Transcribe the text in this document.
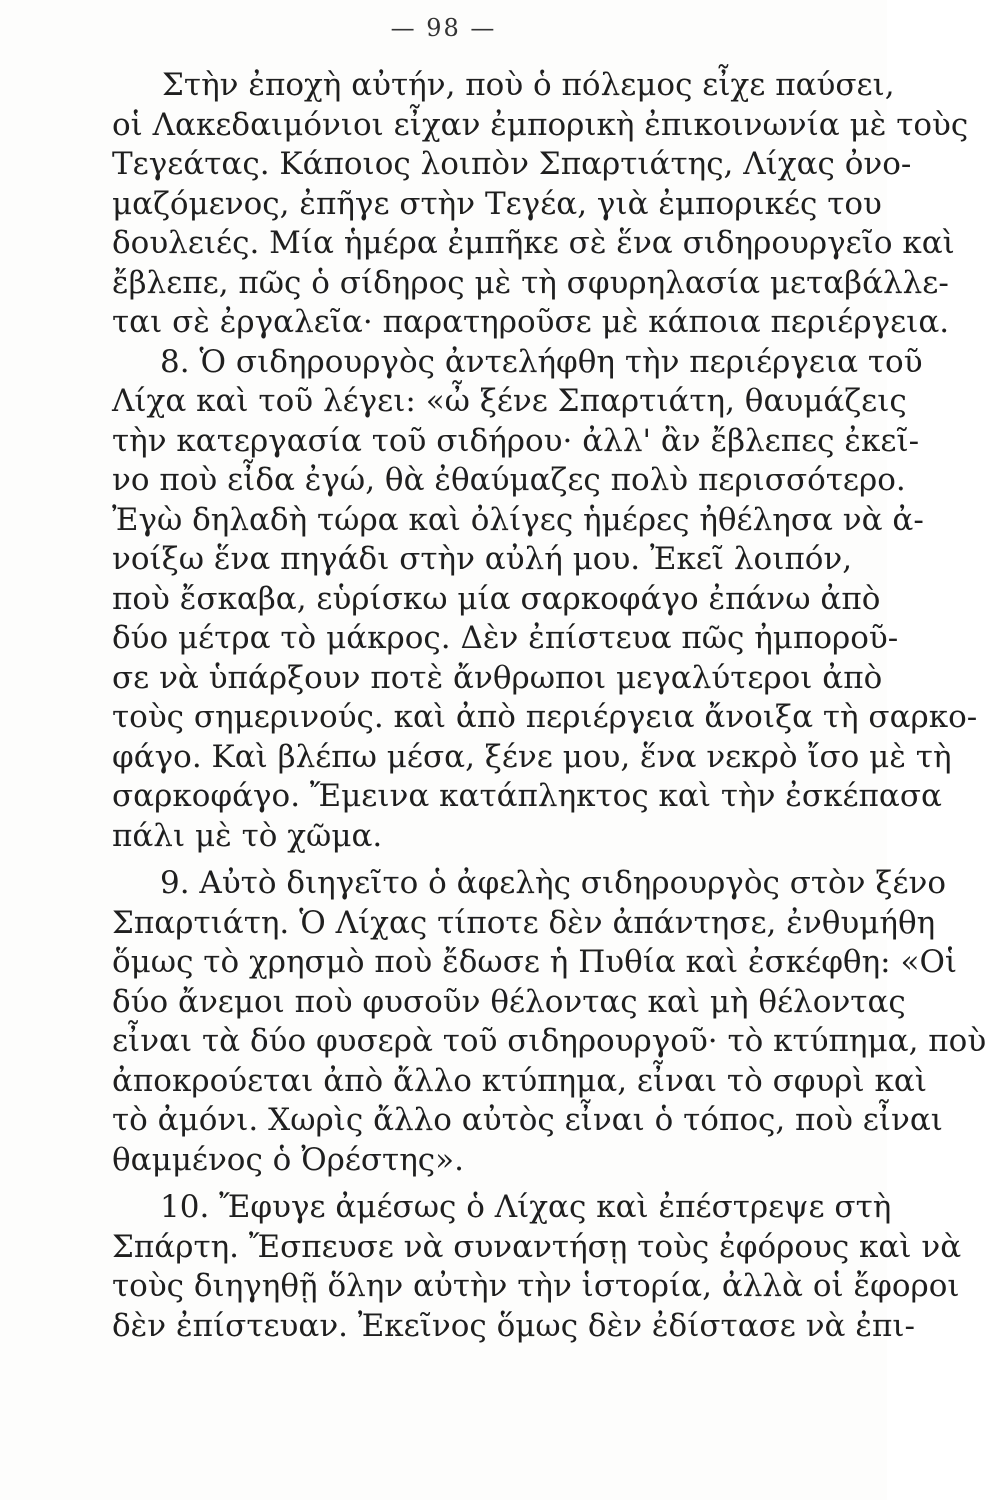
— 98 —
Στὴν ἐποχὴ αὐτήν, ποὺ ὁ πόλεμος εἶχε παύσει,
οἱ Λακεδαιμόνιοι εἶχαν ἐμπορικὴ ἐπικοινωνία μὲ τοὺς
Τεγεάτας. Κάποιος λοιπὸν Σπαρτιάτης, Λίχας ὀνο-
μαζόμενος, ἐπῆγε στὴν Τεγέα, γιὰ ἐμπορικές του
δουλειές. Μία ἡμέρα ἐμπῆκε σὲ ἕνα σιδηρουργεῖο καὶ
ἔβλεπε, πῶς ὁ σίδηρος μὲ τὴ σφυρηλασία μεταβάλλε-
ται σὲ ἐργαλεῖα· παρατηροῦσε μὲ κάποια περιέργεια.
8. Ὁ σιδηρουργὸς ἀντελήφθη τὴν περιέργεια τοῦ
Λίχα καὶ τοῦ λέγει: «ὦ ξένε Σπαρτιάτη, θαυμάζεις
τὴν κατεργασία τοῦ σιδήρου· ἀλλ' ἂν ἔβλεπες ἐκεῖ-
νο ποὺ εἶδα ἐγώ, θὰ ἐθαύμαζες πολὺ περισσότερο.
Ἐγὼ δηλαδὴ τώρα καὶ ὀλίγες ἡμέρες ἠθέλησα νὰ ἀ-
νοίξω ἕνα πηγάδι στὴν αὐλή μου. Ἐκεῖ λοιπόν,
ποὺ ἔσκαβα, εὑρίσκω μία σαρκοφάγο ἐπάνω ἀπὸ
δύο μέτρα τὸ μάκρος. Δὲν ἐπίστευα πῶς ἠμποροῦ-
σε νὰ ὑπάρξουν ποτὲ ἄνθρωποι μεγαλύτεροι ἀπὸ
τοὺς σημερινούς. καὶ ἀπὸ περιέργεια ἄνοιξα τὴ σαρκο-
φάγο. Καὶ βλέπω μέσα, ξένε μου, ἕνα νεκρὸ ἴσο μὲ τὴ
σαρκοφάγο. Ἔμεινα κατάπληκτος καὶ τὴν ἐσκέπασα
πάλι μὲ τὸ χῶμα.
9. Αὐτὸ διηγεῖτο ὁ ἀφελὴς σιδηρουργὸς στὸν ξένο
Σπαρτιάτη. Ὁ Λίχας τίποτε δὲν ἀπάντησε, ἐνθυμήθη
ὅμως τὸ χρησμὸ ποὺ ἔδωσε ἡ Πυθία καὶ ἐσκέφθη: «Οἱ
δύο ἄνεμοι ποὺ φυσοῦν θέλοντας καὶ μὴ θέλοντας
εἶναι τὰ δύο φυσερὰ τοῦ σιδηρουργοῦ· τὸ κτύπημα, ποὺ
ἀποκρούεται ἀπὸ ἄλλο κτύπημα, εἶναι τὸ σφυρὶ καὶ
τὸ ἀμόνι. Χωρὶς ἄλλο αὐτὸς εἶναι ὁ τόπος, ποὺ εἶναι
θαμμένος ὁ Ὀρέστης».
10. Ἔφυγε ἀμέσως ὁ Λίχας καὶ ἐπέστρεψε στὴ
Σπάρτη. Ἔσπευσε νὰ συναντήσῃ τοὺς ἐφόρους καὶ νὰ
τοὺς διηγηθῇ ὅλην αὐτὴν τὴν ἱστορία, ἀλλὰ οἱ ἔφοροι
δὲν ἐπίστευαν. Ἐκεῖνος ὅμως δὲν ἐδίστασε νὰ ἐπι-
